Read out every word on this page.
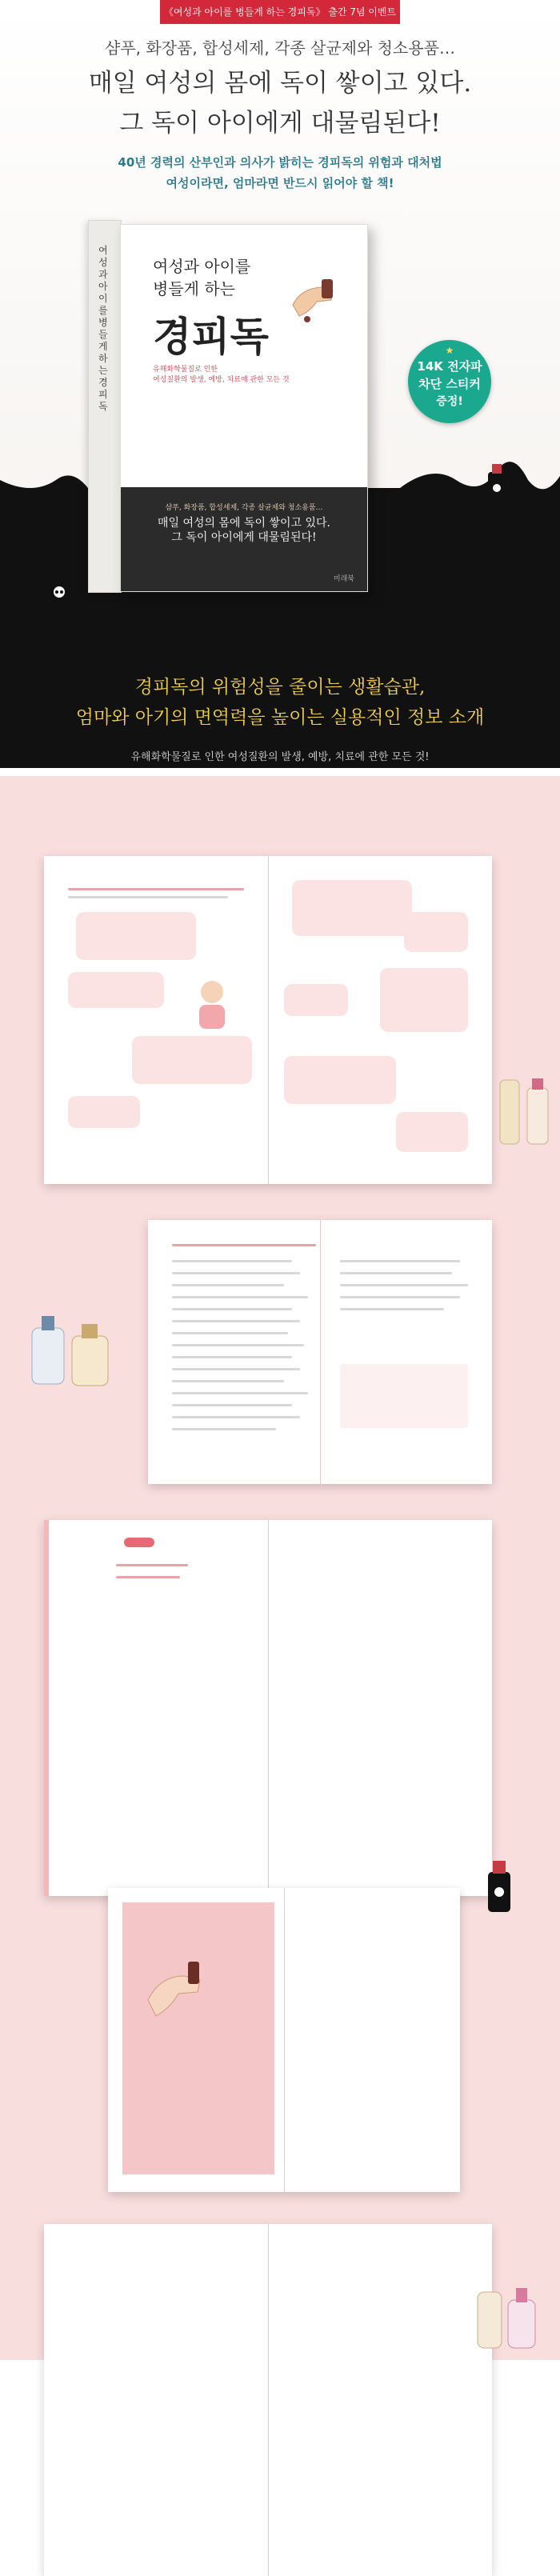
《여성과 아이를 병들게 하는 경피독》 출간 7념 이벤트
샴푸, 화장품, 합성세제, 각종 살균제와 청소용품…
매일 여성의 몸에 독이 쌓이고 있다.
그 독이 아이에게 대물림된다!
40년 경력의 산부인과 의사가 밝히는 경피독의 위험과 대처법
여성이라면, 엄마라면 반드시 읽어야 할 책!
여성과 아이를 병들게 하는 경피독
여성과 아이를
병들게 하는
경피독
유해화학물질로 인한
여성질환의 발생, 예방, 치료에 관한 모든 것
샴푸, 화장품, 합성세제, 각종 살균제와 청소용품…
매일 여성의 몸에 독이 쌓이고 있다.
그 독이 아이에게 대물림된다!
미래북
★
14K 전자파
차단 스티커
증정!
경피독의 위험성을 줄이는 생활습관,
엄마와 아기의 면역력을 높이는 실용적인 정보 소개
유해화학물질로 인한 여성질환의 발생, 예방, 치료에 관한 모든 것!
